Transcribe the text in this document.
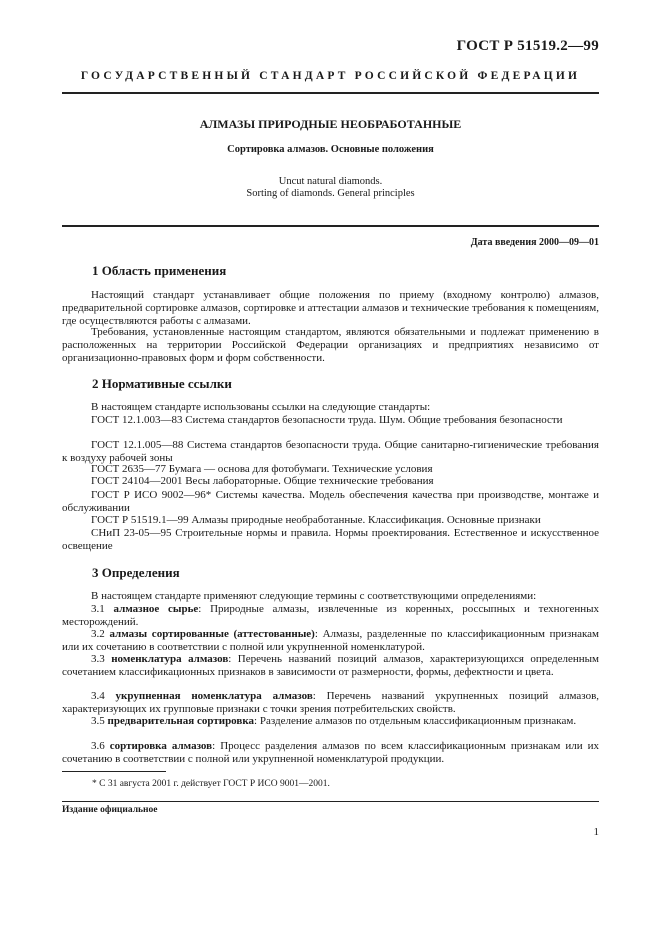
ГОСТ Р 51519.2—99
ГОСУДАРСТВЕННЫЙ СТАНДАРТ РОССИЙСКОЙ ФЕДЕРАЦИИ
АЛМАЗЫ ПРИРОДНЫЕ НЕОБРАБОТАННЫЕ
Сортировка алмазов. Основные положения
Uncut natural diamonds.
Sorting of diamonds. General principles
Дата введения 2000—09—01
1 Область применения
Настоящий стандарт устанавливает общие положения по приему (входному контролю) алмазов, предварительной сортировке алмазов, сортировке и аттестации алмазов и технические требования к помещениям, где осуществляются работы с алмазами.
Требования, установленные настоящим стандартом, являются обязательными и подлежат применению в расположенных на территории Российской Федерации организациях и предприятиях независимо от организационно-правовых форм и форм собственности.
2 Нормативные ссылки
В настоящем стандарте использованы ссылки на следующие стандарты:
ГОСТ 12.1.003—83 Система стандартов безопасности труда. Шум. Общие требования безопасности
ГОСТ 12.1.005—88 Система стандартов безопасности труда. Общие санитарно-гигиенические требования к воздуху рабочей зоны
ГОСТ 2635—77 Бумага — основа для фотобумаги. Технические условия
ГОСТ 24104—2001 Весы лабораторные. Общие технические требования
ГОСТ Р ИСО 9002—96* Системы качества. Модель обеспечения качества при производстве, монтаже и обслуживании
ГОСТ Р 51519.1—99 Алмазы природные необработанные. Классификация. Основные признаки
СНиП 23-05—95 Строительные нормы и правила. Нормы проектирования. Естественное и искусственное освещение
3 Определения
В настоящем стандарте применяют следующие термины с соответствующими определениями:
3.1 алмазное сырье: Природные алмазы, извлеченные из коренных, россыпных и техногенных месторождений.
3.2 алмазы сортированные (аттестованные): Алмазы, разделенные по классификационным признакам или их сочетанию в соответствии с полной или укрупненной номенклатурой.
3.3 номенклатура алмазов: Перечень названий позиций алмазов, характеризующихся определенным сочетанием классификационных признаков в зависимости от размерности, формы, дефектности и цвета.
3.4 укрупненная номенклатура алмазов: Перечень названий укрупненных позиций алмазов, характеризующих их групповые признаки с точки зрения потребительских свойств.
3.5 предварительная сортировка: Разделение алмазов по отдельным классификационным признакам.
3.6 сортировка алмазов: Процесс разделения алмазов по всем классификационным признакам или их сочетанию в соответствии с полной или укрупненной номенклатурой продукции.
* С 31 августа 2001 г. действует ГОСТ Р ИСО 9001—2001.
Издание официальное
1
